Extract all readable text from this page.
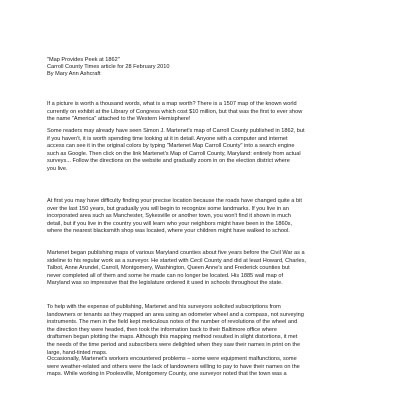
"Map Provides Peek at 1862"

Carroll County Times article for 28 February 2010

By Mary Ann Ashcraft

If a picture is worth a thousand words, what is a map worth? There is a 1507 map of the known world
currently on exhibit at the Library of Congress which cost $10 million, but that was the first to ever show
the name "America" attached to the Western Hemisphere!

Some readers may already have seen Simon J. Martenet's map of Carroll County published in 1862, but
if you haven't, it is worth spending time looking at it in detail. Anyone with a computer and internet
access can see it in the original colors by typing "Martenet Map Carroll County" into a search engine
such as Google. Then click on the link Martenet's Map of Carroll County, Maryland: entirely from actual
surveys... Follow the directions on the website and gradually zoom in on the election district where
you live.

At first you may have difficulty finding your precise location because the roads have changed quite a bit
over the last 150 years, but gradually you will begin to recognize some landmarks. If you live in an
incorporated area such as Manchester, Sykesville or another town, you won't find it shown in much
detail, but if you live in the country you will learn who your neighbors might have been in the 1860s,
where the nearest blacksmith shop was located, where your children might have walked to school.

Martenet began publishing maps of various Maryland counties about five years before the Civil War as a
sideline to his regular work as a surveyor. He started with Cecil County and did at least Howard, Charles,
Talbot, Anne Arundel, Carroll, Montgomery, Washington, Queen Anne's and Frederick counties but
never completed all of them and some he made can no longer be located. His 1885 wall map of
Maryland was so impressive that the legislature ordered it used in schools throughout the state.

To help with the expense of publishing, Martenet and his surveyors solicited subscriptions from
landowners or tenants as they mapped an area using an odometer wheel and a compass, not surveying
instruments. The men in the field kept meticulous notes of the number of revolutions of the wheel and
the direction they were headed, then took the information back to their Baltimore office where
draftsmen began plotting the maps. Although this mapping method resulted in slight distortions, it met
the needs of the time period and subscribers were delighted when they saw their names in print on the
large, hand-tinted maps.

Occasionally, Martenet's workers encountered problems – some were equipment malfunctions, some
were weather-related and others were the lack of landowners willing to pay to have their names on the
maps. While working in Poolesville, Montgomery County, one surveyor noted that the town was a
